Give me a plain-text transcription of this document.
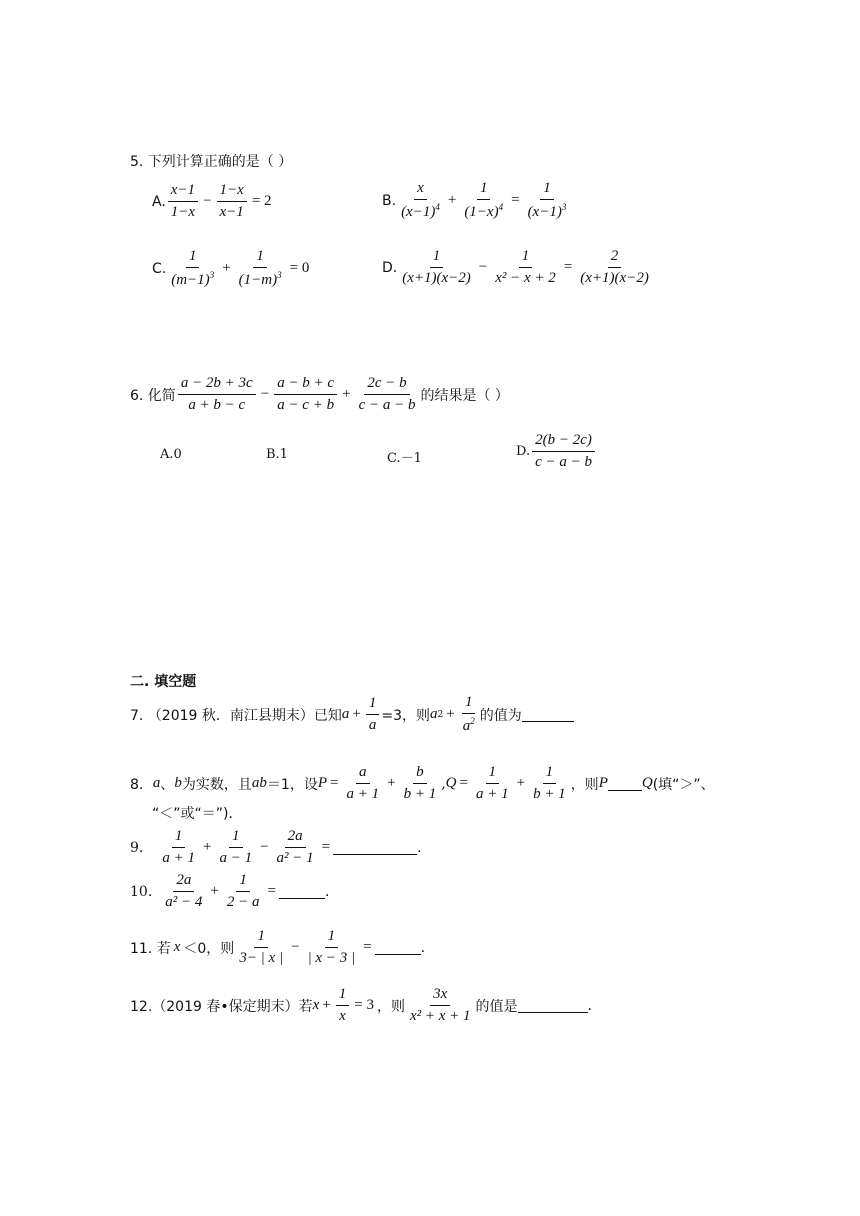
5. 下列计算正确的是（ ）
A. $\frac{x-1}{1-x} - \frac{1-x}{x-1} = 2$	B. $\frac{x}{(x-1)^4} + \frac{1}{(1-x)^4} = \frac{1}{(x-1)^3}$
C. $\frac{1}{(m-1)^3} + \frac{1}{(1-m)^3} = 0$	D. $\frac{1}{(x+1)(x-2)} - \frac{1}{\text{x² − x + 2}} = \frac{2}{(x+1)(x-2)}$
6. 化简 $\frac{a - 2b + 3c}{a + b - c} - \frac{a - b + c}{a - c + b} + \frac{2c - b}{c - a - b}$ 的结果是（ ）
A.0	B.1	C.－1	D. $\frac{2(b - 2c)}{c - a - b}$
二. 填空题
7. （2019 秋．南江县期末）已知 $a + \frac{1}{a} =3$，则 a $2 + \frac{1}{a^2}$ 的值为
8． a 、 b 为实数，且 ab ＝1，设 $P = \frac{a}{a + 1} + \frac{b}{b + 1}$ , $Q = \frac{1}{a + 1} + \frac{1}{b + 1}$ ，则 P Q (填“＞”、
“＜”或“＝”)．
9. $\frac{1}{a + 1} + \frac{1}{a - 1} - \frac{2a}{\text{a² − 1}}$ =	.
10. $\frac{2a}{\text{a² − 4}} + \frac{1}{2 - a}$ =	.
11. 若 x ＜0，则 $\frac{1}{3- | x |} - \frac{1}{| x - 3 |}$ =	.
12.（2019 春•保定期末）若 $x + \frac{1}{x} = 3$ ，则 $\frac{3x}{\text{x² + x + 1}}$ 的值是	.
